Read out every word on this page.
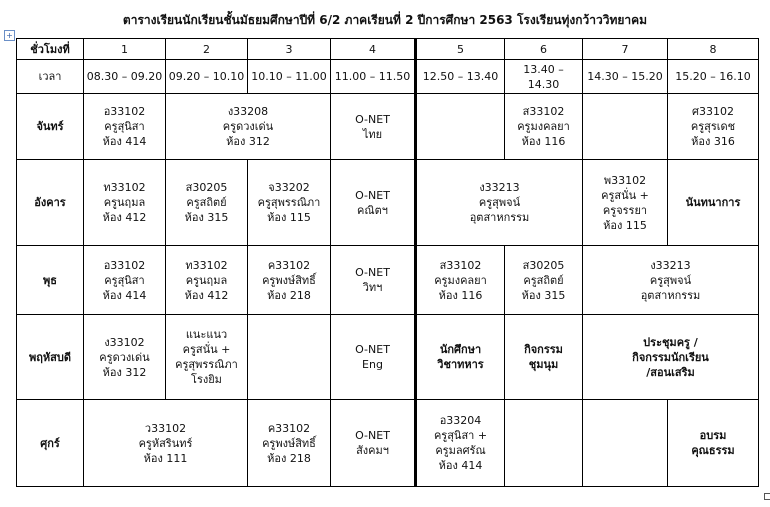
ตารางเรียนนักเรียนชั้นมัธยมศึกษาปีที่ 6/2 ภาคเรียนที่ 2 ปีการศึกษา 2563 โรงเรียนทุ่งกว้าววิทยาคม
+
ชั่วโมงที่	1	2	3	4	5	6	7	8
เวลา	08.30 – 09.20	09.20 – 10.10	10.10 – 11.00	11.00 – 11.50	12.50 – 13.40	13.40 –
14.30	14.30 – 15.20	15.20 – 16.10
จันทร์	อ33102
ครูสุนิสา
ห้อง 414	ง33208
ครูดวงเด่น
ห้อง 312		O-NET
ไทย		ส33102
ครูมงคลยา
ห้อง 116		ศ33102
ครูสุรเดช
ห้อง 316

อังคาร	ท33102
ครูนฤมล
ห้อง 412	ส30205
ครูสถิตย์
ห้อง 315	จ33202
ครูสุพรรณิภา
ห้อง 115	O-NET
คณิตฯ	ง33213
ครูสุพจน์
อุตสาหกรรม		พ33102
ครูสนั่น +
ครูจรรยา
ห้อง 115	นันทนาการ
พุธ	อ33102
ครูสุนิสา
ห้อง 414	ท33102
ครูนฤมล
ห้อง 412	ค33102
ครูพงษ์สิทธิ์
ห้อง 218	O-NET
วิทฯ	ส33102
ครูมงคลยา
ห้อง 116	ส30205
ครูสถิตย์
ห้อง 315	ง33213
ครูสุพจน์
อุตสาหกรรม	

พฤหัสบดี	ง33102
ครูดวงเด่น
ห้อง 312	แนะแนว
ครูสนั่น +
ครูสุพรรณิภา
โรงยิม		O-NET
Eng	นักศึกษา
วิชาทหาร	กิจกรรม
ชุมนุม	ประชุมครู /
กิจกรรมนักเรียน
/สอนเสริม	

ศุกร์	ว33102
ครูหัสรินทร์
ห้อง 111		ค33102
ครูพงษ์สิทธิ์
ห้อง 218	O-NET
สังคมฯ	อ33204
ครูสุนิสา +
ครูมลศรัณ
ห้อง 414			อบรม
คุณธรรม
